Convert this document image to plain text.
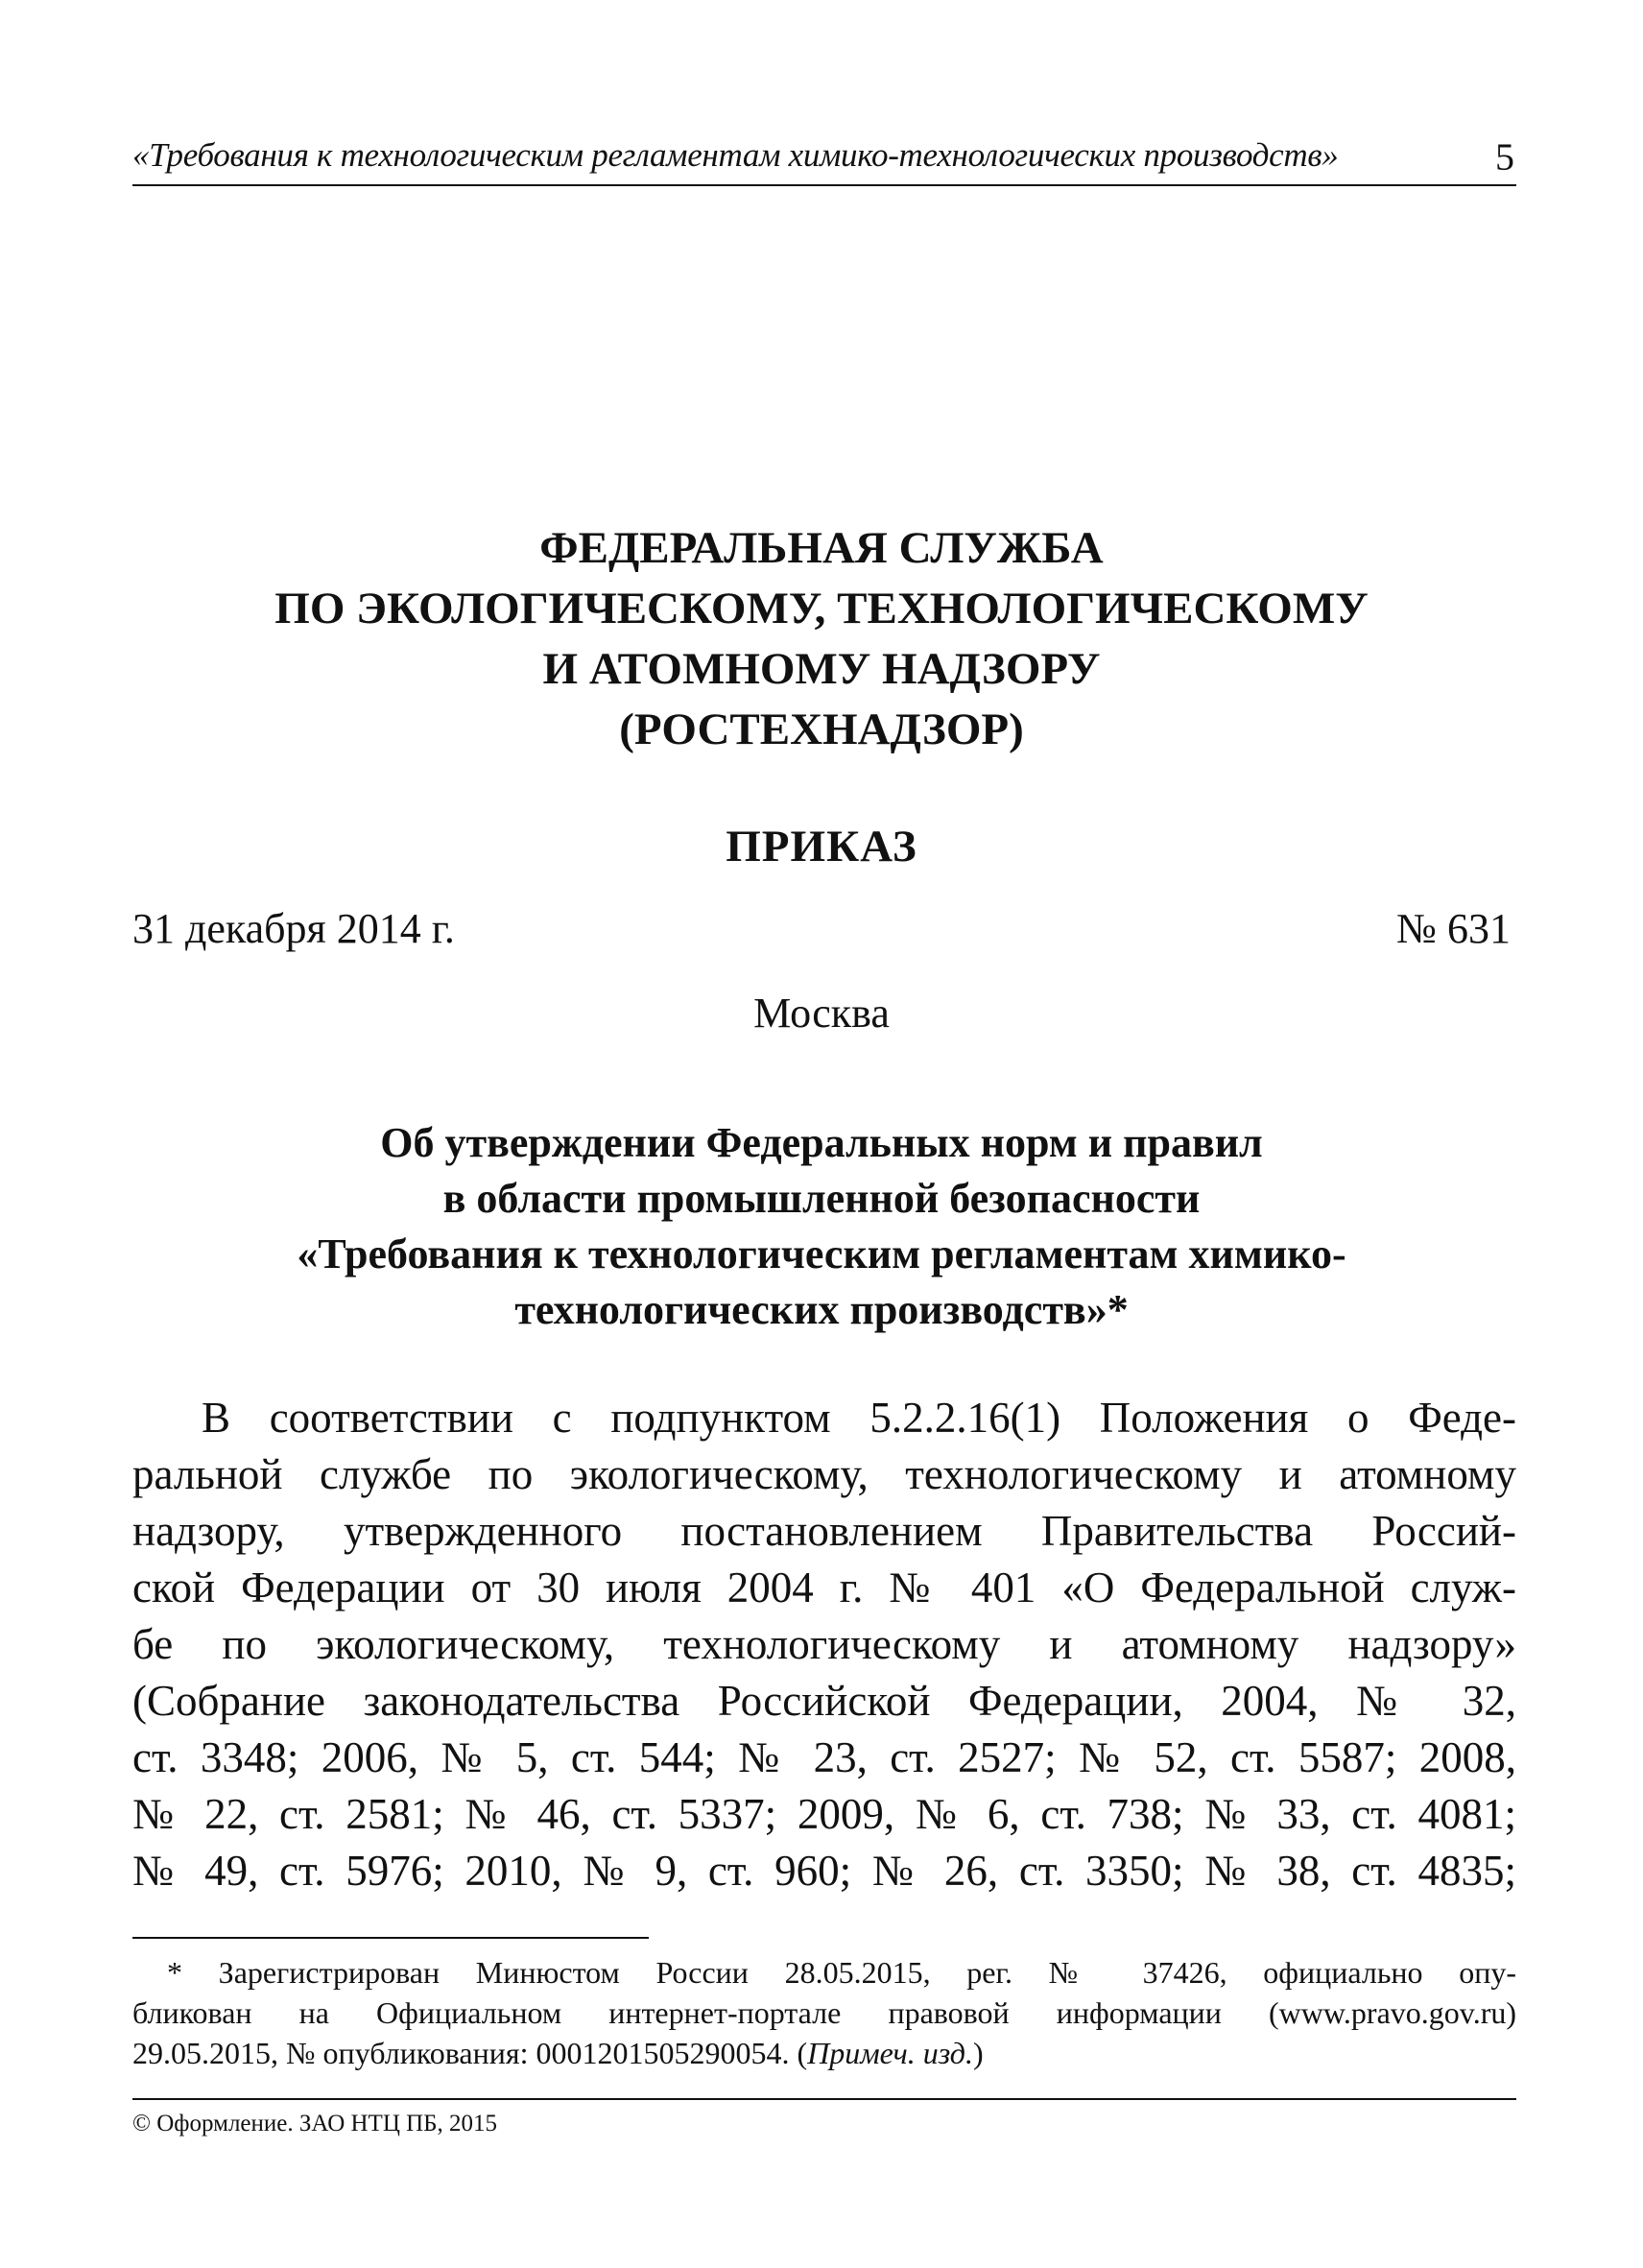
«Требования к технологическим регламентам химико-технологических производств»	5
ФЕДЕРАЛЬНАЯ СЛУЖБА
ПО ЭКОЛОГИЧЕСКОМУ, ТЕХНОЛОГИЧЕСКОМУ
И АТОМНОМУ НАДЗОРУ
(РОСТЕХНАДЗОР)
ПРИКАЗ
31 декабря 2014 г.	№ 631
Москва
Об утверждении Федеральных норм и правил
в области промышленной безопасности
«Требования к технологическим регламентам химико-
технологических производств»*
В соответствии с подпунктом 5.2.2.16(1) Положения о Феде-
ральной службе по экологическому, технологическому и атомному
надзору, утвержденного постановлением Правительства Россий-
ской Федерации от 30 июля 2004 г. № 401 «О Федеральной служ-
бе по экологическому, технологическому и атомному надзору»
(Собрание законодательства Российской Федерации, 2004, № 32,
ст. 3348; 2006, № 5, ст. 544; № 23, ст. 2527; № 52, ст. 5587; 2008,
№ 22, ст. 2581; № 46, ст. 5337; 2009, № 6, ст. 738; № 33, ст. 4081;
№ 49, ст. 5976; 2010, № 9, ст. 960; № 26, ст. 3350; № 38, ст. 4835;
* Зарегистрирован Минюстом России 28.05.2015, рег. № 37426, официально опу-
бликован на Официальном интернет-портале правовой информации (www.pravo.gov.ru)
29.05.2015, № опубликования: 0001201505290054. (Примеч. изд.)
© Оформление. ЗАО НТЦ ПБ, 2015
